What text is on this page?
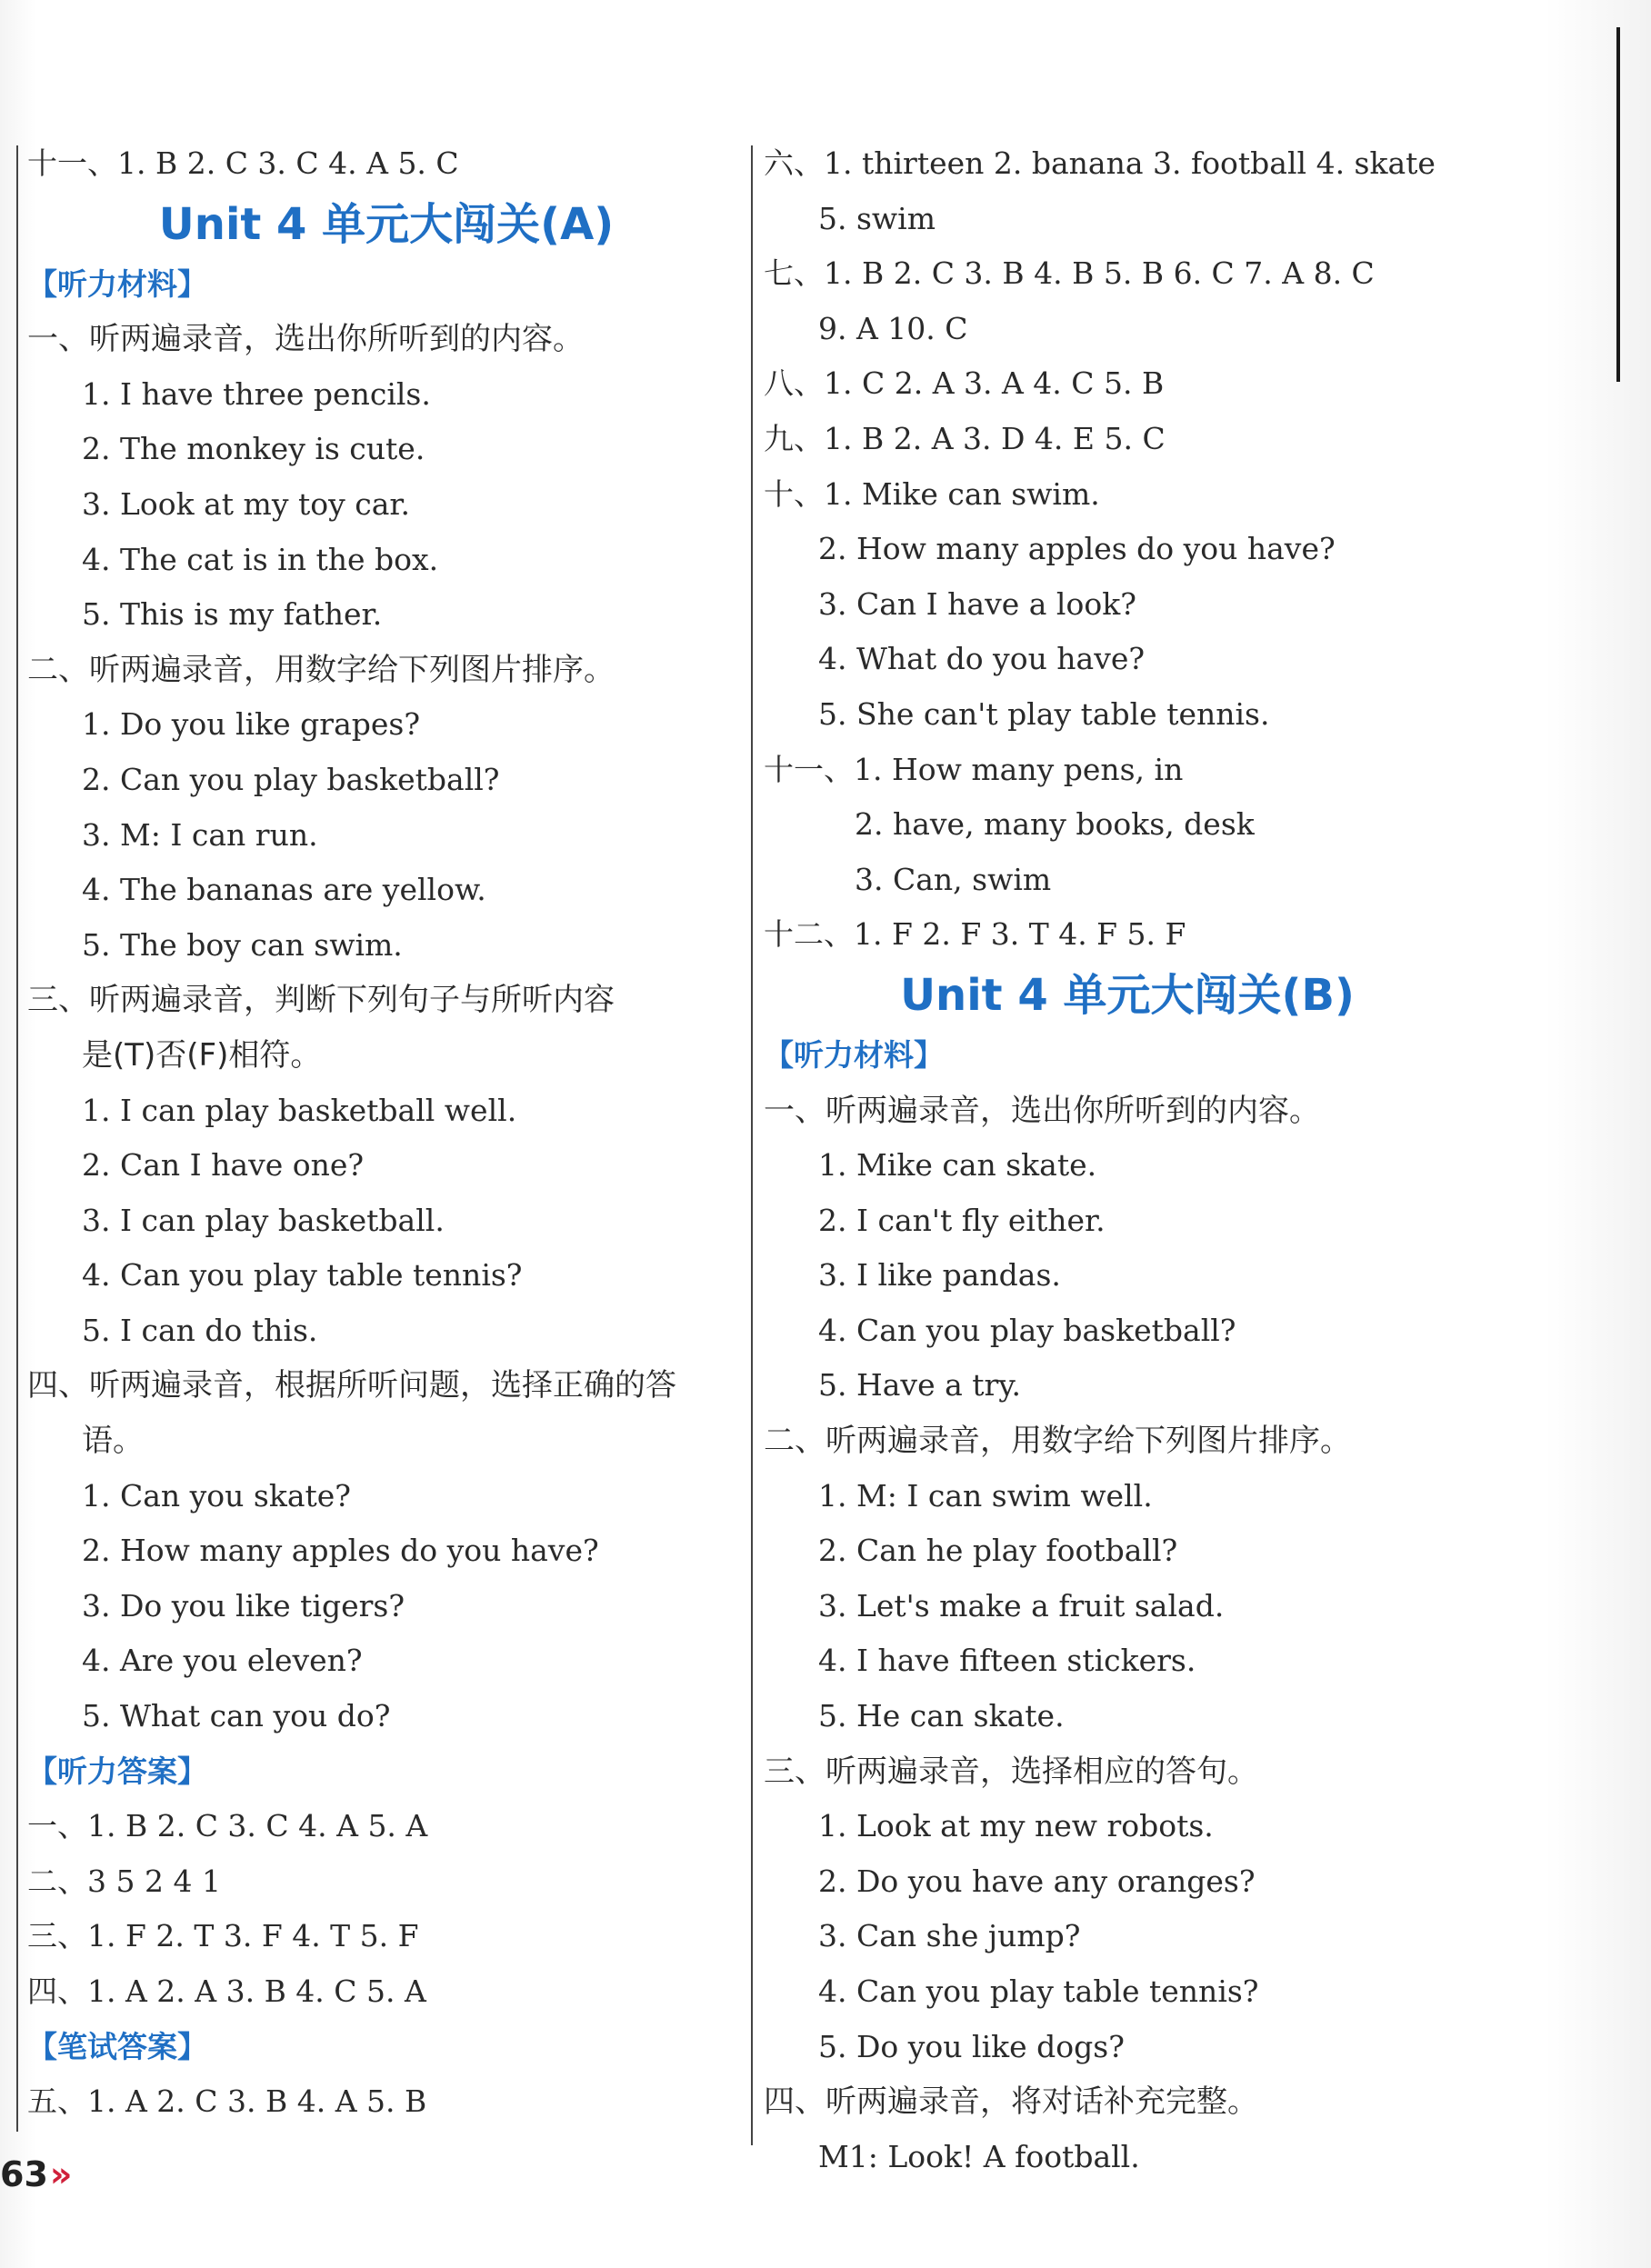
十一、1. B 2. C 3. C 4. A 5. C
Unit 4 单元大闯关(A)
【听力材料】
一、听两遍录音，选出你所听到的内容。
1. I have three pencils.
2. The monkey is cute.
3. Look at my toy car.
4. The cat is in the box.
5. This is my father.
二、听两遍录音，用数字给下列图片排序。
1. Do you like grapes?
2. Can you play basketball?
3. M: I can run.
4. The bananas are yellow.
5. The boy can swim.
三、听两遍录音，判断下列句子与所听内容
是(T)否(F)相符。
1. I can play basketball well.
2. Can I have one?
3. I can play basketball.
4. Can you play table tennis?
5. I can do this.
四、听两遍录音，根据所听问题，选择正确的答
语。
1. Can you skate?
2. How many apples do you have?
3. Do you like tigers?
4. Are you eleven?
5. What can you do?
【听力答案】
一、1. B 2. C 3. C 4. A 5. A
二、3 5 2 4 1
三、1. F 2. T 3. F 4. T 5. F
四、1. A 2. A 3. B 4. C 5. A
【笔试答案】
五、1. A 2. C 3. B 4. A 5. B
六、1. thirteen 2. banana 3. football 4. skate
5. swim
七、1. B 2. C 3. B 4. B 5. B 6. C 7. A 8. C
9. A 10. C
八、1. C 2. A 3. A 4. C 5. B
九、1. B 2. A 3. D 4. E 5. C
十、1. Mike can swim.
2. How many apples do you have?
3. Can I have a look?
4. What do you have?
5. She can't play table tennis.
十一、1. How many pens, in
2. have, many books, desk
3. Can, swim
十二、1. F 2. F 3. T 4. F 5. F
Unit 4 单元大闯关(B)
【听力材料】
一、听两遍录音，选出你所听到的内容。
1. Mike can skate.
2. I can't fly either.
3. I like pandas.
4. Can you play basketball?
5. Have a try.
二、听两遍录音，用数字给下列图片排序。
1. M: I can swim well.
2. Can he play football?
3. Let's make a fruit salad.
4. I have fifteen stickers.
5. He can skate.
三、听两遍录音，选择相应的答句。
1. Look at my new robots.
2. Do you have any oranges?
3. Can she jump?
4. Can you play table tennis?
5. Do you like dogs?
四、听两遍录音，将对话补充完整。
M1: Look! A football.
63»
